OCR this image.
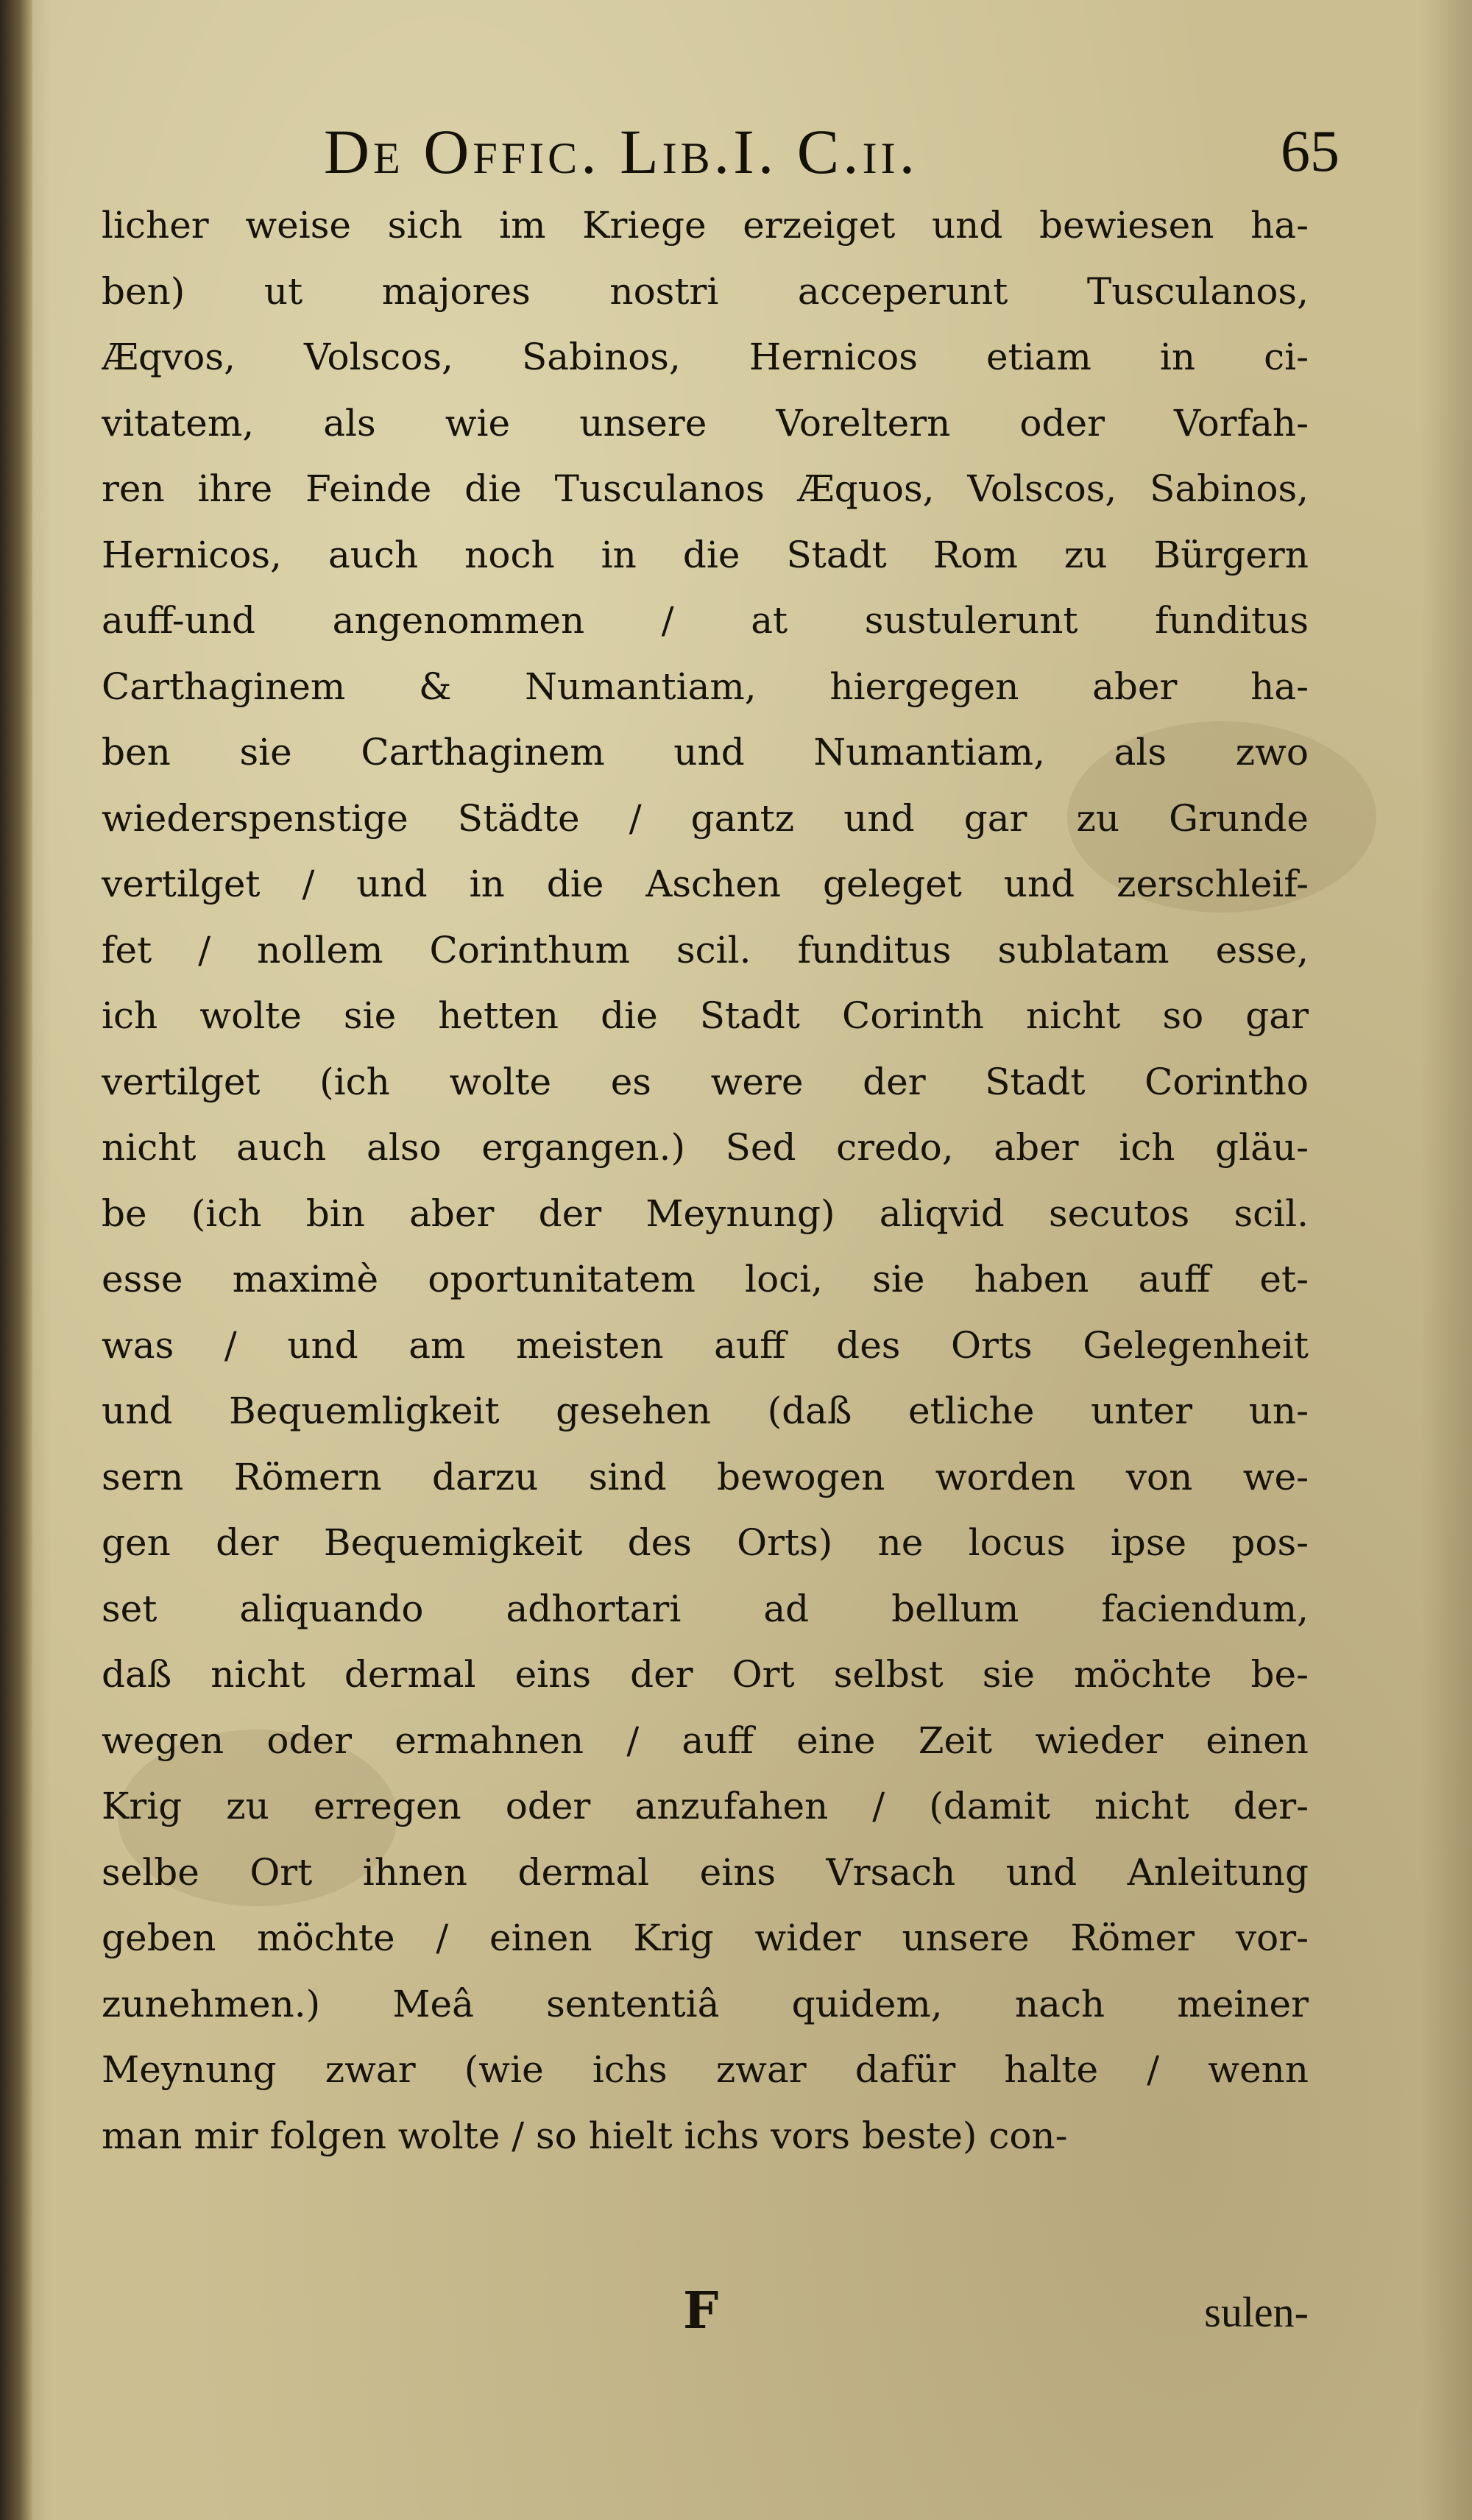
De Offic. Lib.I. C.ii.	65
licher weise sich im Kriege erzeiget und bewiesen ha-
ben) ut majores nostri acceperunt Tusculanos,
Æqvos, Volscos, Sabinos, Hernicos etiam in ci-
vitatem, als wie unsere Voreltern oder Vorfah-
ren ihre Feinde die Tusculanos Æquos, Volscos, Sabinos,
Hernicos, auch noch in die Stadt Rom zu Bürgern
auff-und angenommen / at sustulerunt funditus
Carthaginem & Numantiam, hiergegen aber ha-
ben sie Carthaginem und Numantiam, als zwo
wiederspenstige Städte / gantz und gar zu Grunde
vertilget / und in die Aschen geleget und zerschleif-
fet / nollem Corinthum scil. funditus sublatam esse,
ich wolte sie hetten die Stadt Corinth nicht so gar
vertilget (ich wolte es were der Stadt Corintho
nicht auch also ergangen.) Sed credo, aber ich gläu-
be (ich bin aber der Meynung) aliqvid secutos scil.
esse maximè oportunitatem loci, sie haben auff et-
was / und am meisten auff des Orts Gelegenheit
und Bequemligkeit gesehen (daß etliche unter un-
sern Römern darzu sind bewogen worden von we-
gen der Bequemigkeit des Orts) ne locus ipse pos-
set aliquando adhortari ad bellum faciendum,
daß nicht dermal eins der Ort selbst sie möchte be-
wegen oder ermahnen / auff eine Zeit wieder einen
Krig zu erregen oder anzufahen / (damit nicht der-
selbe Ort ihnen dermal eins Vrsach und Anleitung
geben möchte / einen Krig wider unsere Römer vor-
zunehmen.) Meâ sententiâ quidem, nach meiner
Meynung zwar (wie ichs zwar dafür halte / wenn
man mir folgen wolte / so hielt ichs vors beste) con-
F	sulen-
